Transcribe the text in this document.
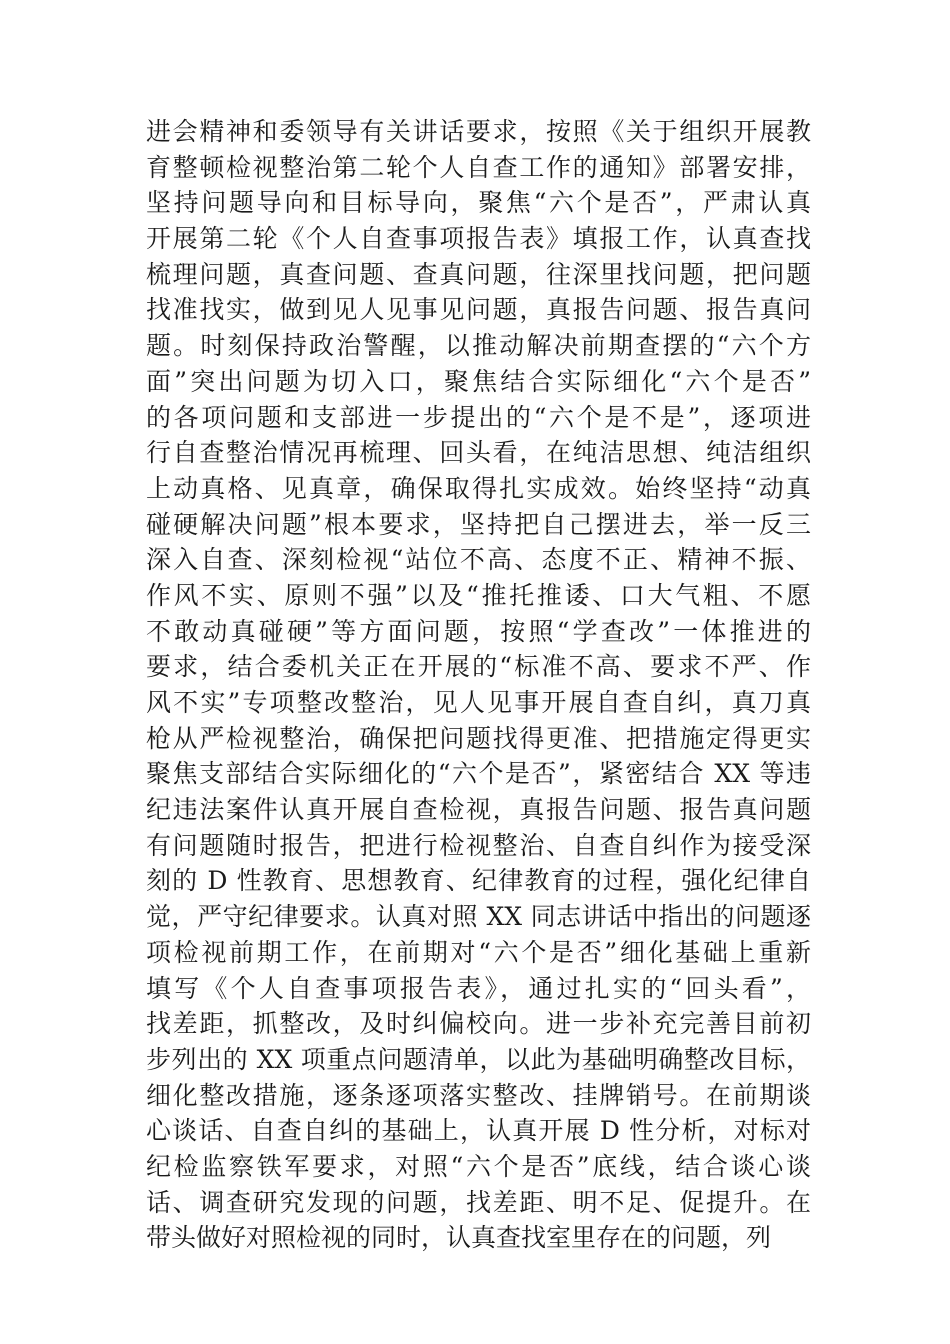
进会精神和委领导有关讲话要求，按照《关于组织开展教
育整顿检视整治第二轮个人自查工作的通知》部署安排，
坚持问题导向和目标导向，聚焦“六个是否”，严肃认真
开展第二轮《个人自查事项报告表》填报工作，认真查找
梳理问题，真查问题、查真问题，往深里找问题，把问题
找准找实，做到见人见事见问题，真报告问题、报告真问
题。时刻保持政治警醒，以推动解决前期查摆的“六个方
面”突出问题为切入口，聚焦结合实际细化“六个是否”
的各项问题和支部进一步提出的“六个是不是”，逐项进
行自查整治情况再梳理、回头看，在纯洁思想、纯洁组织
上动真格、见真章，确保取得扎实成效。始终坚持“动真
碰硬解决问题”根本要求，坚持把自己摆进去，举一反三
深入自查、深刻检视“站位不高、态度不正、精神不振、
作风不实、原则不强”以及“推托推诿、口大气粗、不愿
不敢动真碰硬”等方面问题，按照“学查改”一体推进的
要求，结合委机关正在开展的“标准不高、要求不严、作
风不实”专项整改整治，见人见事开展自查自纠，真刀真
枪从严检视整治，确保把问题找得更准、把措施定得更实
聚焦支部结合实际细化的“六个是否”，紧密结合 XX 等违
纪违法案件认真开展自查检视，真报告问题、报告真问题
有问题随时报告，把进行检视整治、自查自纠作为接受深
刻的 D 性教育、思想教育、纪律教育的过程，强化纪律自
觉，严守纪律要求。认真对照 XX 同志讲话中指出的问题逐
项检视前期工作，在前期对“六个是否”细化基础上重新
填写《个人自查事项报告表》，通过扎实的“回头看”，
找差距，抓整改，及时纠偏校向。进一步补充完善目前初
步列出的 XX 项重点问题清单，以此为基础明确整改目标，
细化整改措施，逐条逐项落实整改、挂牌销号。在前期谈
心谈话、自查自纠的基础上，认真开展 D 性分析，对标对
纪检监察铁军要求，对照“六个是否”底线，结合谈心谈
话、调查研究发现的问题，找差距、明不足、促提升。在
带头做好对照检视的同时，认真查找室里存在的问题，列
